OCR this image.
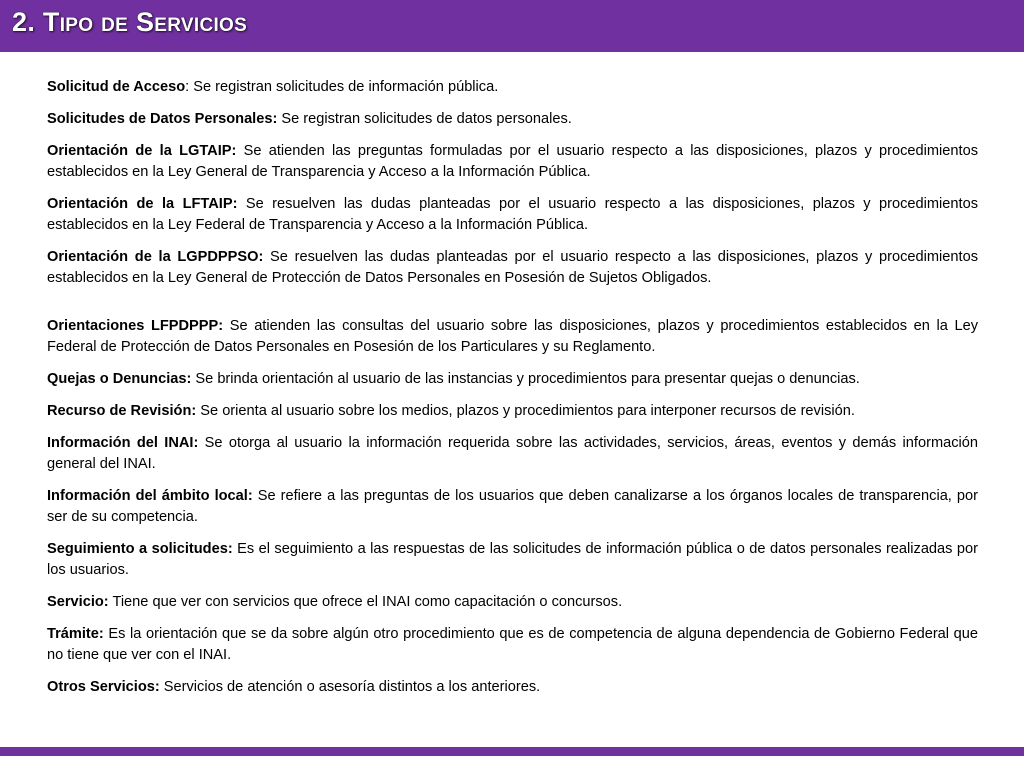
2. Tipo de Servicios

Solicitud de Acceso: Se registran solicitudes de información pública.

Solicitudes de Datos Personales: Se registran solicitudes de datos personales.

Orientación de la LGTAIP: Se atienden las preguntas formuladas por el usuario respecto a las disposiciones, plazos y procedimientos establecidos en la Ley General de Transparencia y Acceso a la Información Pública.

Orientación de la LFTAIP: Se resuelven las dudas planteadas por el usuario respecto a las disposiciones, plazos y procedimientos establecidos en la Ley Federal de Transparencia y Acceso a la Información Pública.

Orientación de la LGPDPPSO: Se resuelven las dudas planteadas por el usuario respecto a las disposiciones, plazos y procedimientos establecidos en la Ley General de Protección de Datos Personales en Posesión de Sujetos Obligados.

Orientaciones LFPDPPP: Se atienden las consultas del usuario sobre las disposiciones, plazos y procedimientos establecidos en la Ley Federal de Protección de Datos Personales en Posesión de los Particulares y su Reglamento.

Quejas o Denuncias: Se brinda orientación al usuario de las instancias y procedimientos para presentar quejas o denuncias.

Recurso de Revisión: Se orienta al usuario sobre los medios, plazos y procedimientos para interponer recursos de revisión.

Información del INAI: Se otorga al usuario la información requerida sobre las actividades, servicios, áreas, eventos y demás información general del INAI.

Información del ámbito local: Se refiere a las preguntas de los usuarios que deben canalizarse a los órganos locales de transparencia, por ser de su competencia.

Seguimiento a solicitudes: Es el seguimiento a las respuestas de las solicitudes de información pública o de datos personales realizadas por los usuarios.

Servicio: Tiene que ver con servicios que ofrece el INAI como capacitación o concursos.

Trámite: Es la orientación que se da sobre algún otro procedimiento que es de competencia de alguna dependencia de Gobierno Federal que no tiene que ver con el INAI.

Otros Servicios: Servicios de atención o asesoría distintos a los anteriores.
